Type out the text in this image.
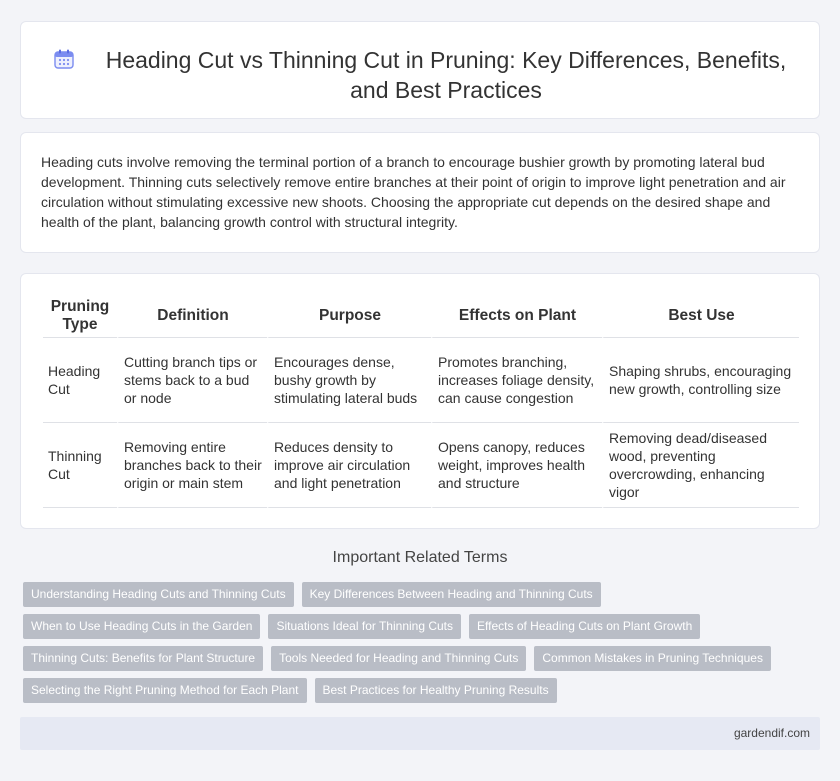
Heading Cut vs Thinning Cut in Pruning: Key Differences, Benefits, and Best Practices

Heading cuts involve removing the terminal portion of a branch to encourage bushier growth by promoting lateral bud development. Thinning cuts selectively remove entire branches at their point of origin to improve light penetration and air circulation without stimulating excessive new shoots. Choosing the appropriate cut depends on the desired shape and health of the plant, balancing growth control with structural integrity.

Pruning Type	Definition	Purpose	Effects on Plant	Best Use
Heading Cut	Cutting branch tips or stems back to a bud or node	Encourages dense, bushy growth by stimulating lateral buds	Promotes branching, increases foliage density, can cause congestion	Shaping shrubs, encouraging new growth, controlling size
Thinning Cut	Removing entire branches back to their origin or main stem	Reduces density to improve air circulation and light penetration	Opens canopy, reduces weight, improves health and structure	Removing dead/diseased wood, preventing overcrowding, enhancing vigor
Important Related Terms
Understanding Heading Cuts and Thinning Cuts Key Differences Between Heading and Thinning Cuts
When to Use Heading Cuts in the Garden Situations Ideal for Thinning Cuts Effects of Heading Cuts on Plant Growth
Thinning Cuts: Benefits for Plant Structure Tools Needed for Heading and Thinning Cuts Common Mistakes in Pruning Techniques
Selecting the Right Pruning Method for Each Plant Best Practices for Healthy Pruning Results
gardendif.com
